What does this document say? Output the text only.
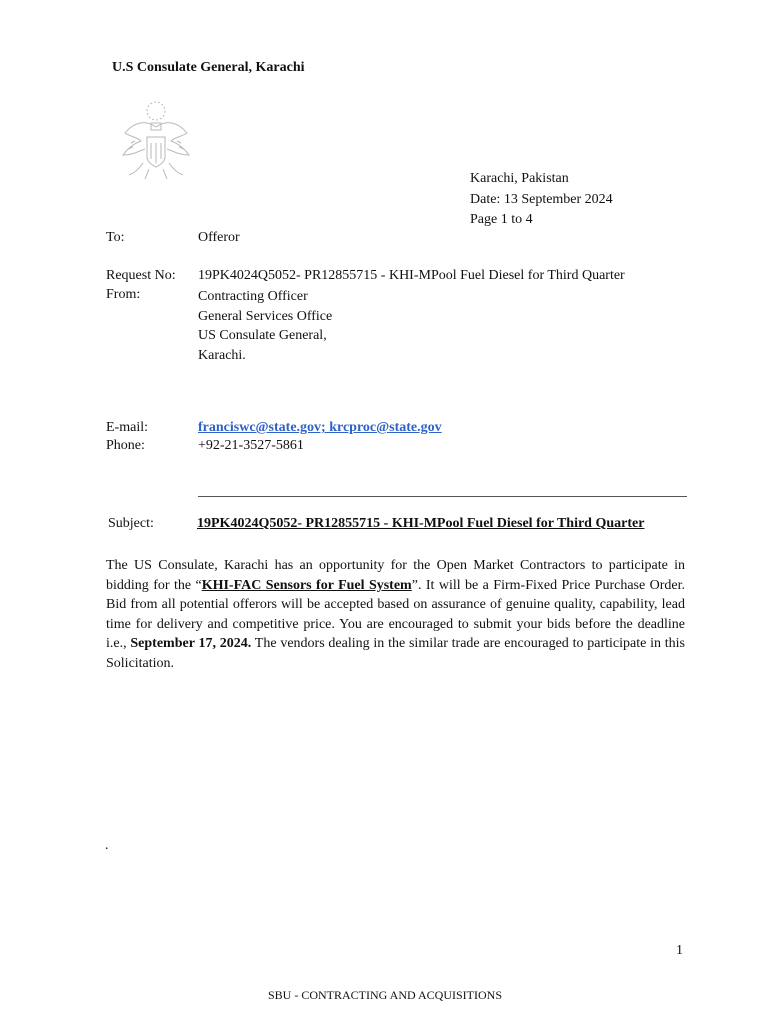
U.S Consulate General, Karachi
Karachi, Pakistan
Date: 13 September 2024
Page 1 to 4
To:	Offeror
Request No: 19PK4024Q5052- PR12855715 - KHI-MPool Fuel Diesel for Third Quarter
From:	Contracting Officer
General Services Office
US Consulate General,
Karachi.
E-mail:	franciswc@state.gov; krcproc@state.gov
Phone:	+92-21-3527-5861
Subject:	19PK4024Q5052- PR12855715 - KHI-MPool Fuel Diesel for Third Quarter
The US Consulate, Karachi has an opportunity for the Open Market Contractors to participate in bidding for the “KHI-FAC Sensors for Fuel System”. It will be a Firm-Fixed Price Purchase Order. Bid from all potential offerors will be accepted based on assurance of genuine quality, capability, lead time for delivery and competitive price. You are encouraged to submit your bids before the deadline i.e., September 17, 2024. The vendors dealing in the similar trade are encouraged to participate in this Solicitation.
.
1
SBU - CONTRACTING AND ACQUISITIONS
